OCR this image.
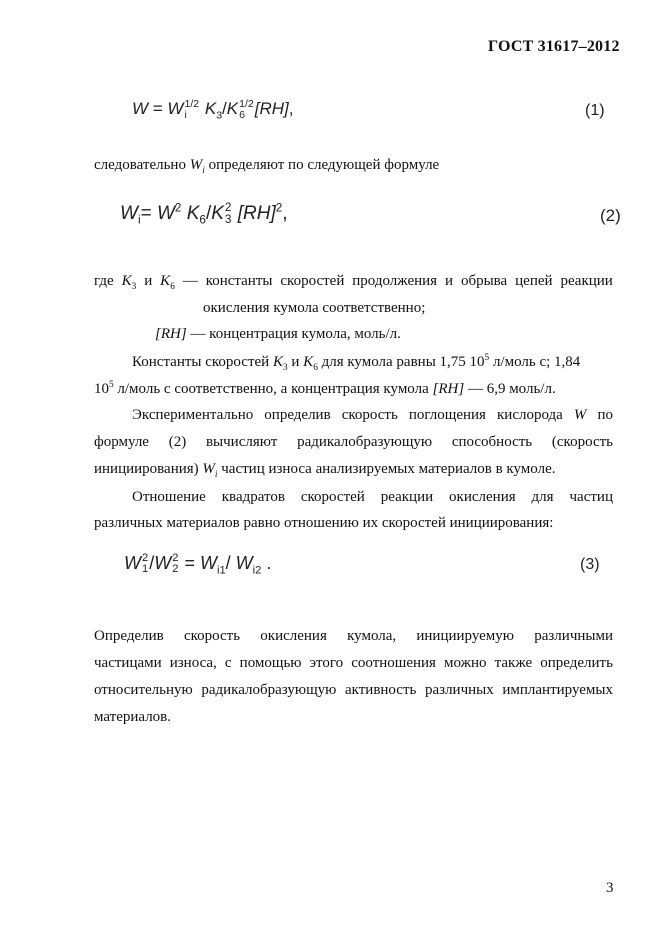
ГОСТ 31617–2012
W = W 1/2
i	$K_3/K$ 1/2
6 [RH],	(1)
следовательно $W_i$ определяют по следующей формуле
$W_i= W^2$ $K_6/K$ 2
3 [RH]$^2$,	(2)
где $K_3$ и $K_6$ — константы скоростей продолжения и обрыва цепей реакции
окисления кумола соответственно;
[RH] — концентрация кумола, моль/л.
Константы скоростей $K_3$ и $K_6$ для кумола равны 1,75 $10^5$ л/моль с; 1,84
$10^5$ л/моль с соответственно, а концентрация кумола [RH] — 6,9 моль/л.
Экспериментально определив скорость поглощения кислорода W по
формуле (2) вычисляют радикалобразующую способность (скорость
инициирования) $W_i$ частиц износа анализируемых материалов в кумоле.
Отношение квадратов скоростей реакции окисления для частиц
различных материалов равно отношению их скоростей инициирования:
W 2
1 /W 2
$2 = W_{i1}/$ $W_{i2}$ .	(3)
Определив скорость окисления кумола, инициируемую различными
частицами износа, с помощью этого соотношения можно также определить
относительную радикалобразующую активность различных имплантируемых
материалов.
3
